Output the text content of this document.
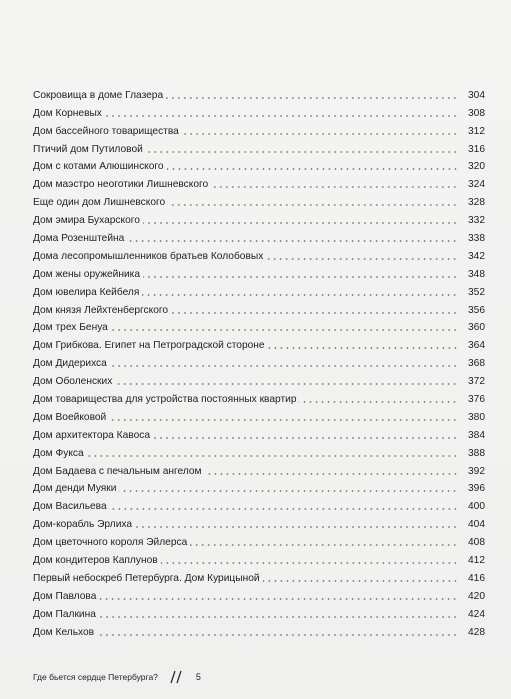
Сокровища в доме Глазера	304
Дом Корневых	308
Дом бассейного товарищества	312
Птичий дом Путиловой	316
Дом с котами Алюшинского	320
Дом маэстро неоготики Лишневского	324
Еще один дом Лишневского	328
Дом эмира Бухарского	332
Дома Розенштейна	338
Дома лесопромышленников братьев Колобовых	342
Дом жены оружейника	348
Дом ювелира Кейбеля	352
Дом князя Лейхтенбергского	356
Дом трех Бенуа	360
Дом Грибкова. Египет на Петроградской стороне	364
Дом Дидерихса	368
Дом Оболенских	372
Дом товарищества для устройства постоянных квартир	376
Дом Воейковой	380
Дом архитектора Кавоса	384
Дом Фукса	388
Дом Бадаева с печальным ангелом	392
Дом денди Муяки	396
Дом Васильева	400
Дом-корабль Эрлиха	404
Дом цветочного короля Эйлерса	408
Дом кондитеров Каплунов	412
Первый небоскреб Петербурга. Дом Курицыной	416
Дом Павлова	420
Дом Палкина	424
Дом Кельхов	428
Где бьется сердце Петербурга?	5
